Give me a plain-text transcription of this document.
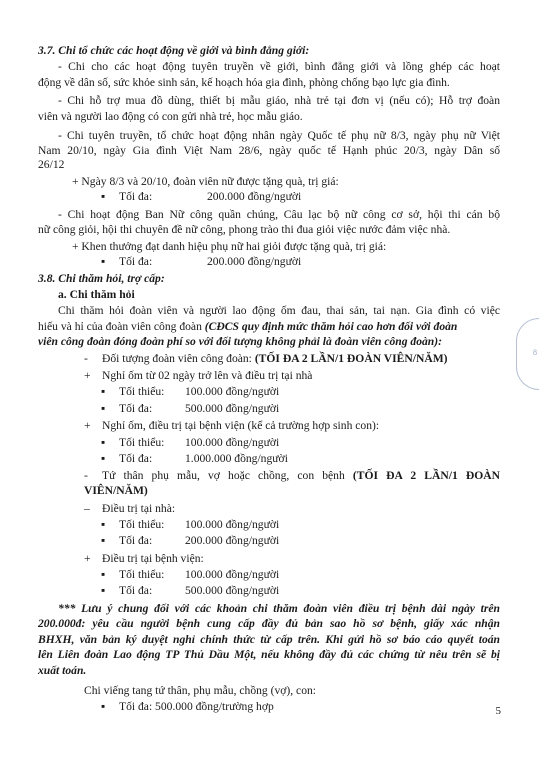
3.7. Chi tổ chức các hoạt động về giới và bình đẳng giới:
- Chi cho các hoạt động tuyên truyền về giới, bình đẳng giới và lồng ghép các hoạt
động về dân số, sức khỏe sinh sản, kế hoạch hóa gia đình, phòng chống bạo lực gia đình.
- Chi hỗ trợ mua đồ dùng, thiết bị mẫu giáo, nhà trẻ tại đơn vị (nếu có); Hỗ trợ đoàn
viên và người lao động có con gửi nhà trẻ, học mẫu giáo.
- Chi tuyên truyền, tổ chức hoạt động nhân ngày Quốc tế phụ nữ 8/3, ngày phụ nữ Việt
Nam 20/10, ngày Gia đình Việt Nam 28/6, ngày quốc tế Hạnh phúc 20/3, ngày Dân số
26/12
+ Ngày 8/3 và 20/10, đoàn viên nữ được tặng quà, trị giá:
▪ Tối đa:	200.000 đồng/người
- Chi hoạt động Ban Nữ công quần chúng, Câu lạc bộ nữ công cơ sở, hội thi cán bộ
nữ công giỏi, hội thi chuyên đề nữ công, phong trào thi đua giỏi việc nước đảm việc nhà.
+ Khen thưởng đạt danh hiệu phụ nữ hai giỏi được tặng quà, trị giá:
▪ Tối đa:	200.000 đồng/người
3.8. Chi thăm hỏi, trợ cấp:
a. Chi thăm hỏi
Chi thăm hỏi đoàn viên và người lao động ốm đau, thai sản, tai nạn. Gia đình có việc
hiếu và hỉ của đoàn viên công đoàn (CĐCS quy định mức thăm hỏi cao hơn đối với đoàn
viên công đoàn đóng đoàn phí so với đối tượng không phải là đoàn viên công đoàn):
- Đối tượng đoàn viên công đoàn: (TỐI ĐA 2 LẦN/1 ĐOÀN VIÊN/NĂM)
+ Nghỉ ốm từ 02 ngày trở lên và điều trị tại nhà
▪ Tối thiểu: 100.000 đồng/người
▪ Tối đa:	500.000 đồng/người
+ Nghỉ ốm, điều trị tại bệnh viện (kể cả trường hợp sinh con):
▪ Tối thiểu: 100.000 đồng/người
▪ Tối đa:	1.000.000 đồng/người
- Tứ thân phụ mẫu, vợ hoặc chồng, con bệnh (TỐI ĐA 2 LẦN/1 ĐOÀN
VIÊN/NĂM)
– Điều trị tại nhà:
▪ Tối thiểu: 100.000 đồng/người
▪ Tối đa:	200.000 đồng/người
+ Điều trị tại bệnh viện:
▪ Tối thiểu: 100.000 đồng/người
▪ Tối đa:	500.000 đồng/người
*** Lưu ý chung đối với các khoản chi thăm đoàn viên điều trị bệnh dài ngày trên
200.000đ: yêu cầu người bệnh cung cấp đầy đủ bản sao hồ sơ bệnh, giấy xác nhận
BHXH, văn bản ký duyệt nghỉ chính thức từ cấp trên. Khi gửi hồ sơ báo cáo quyết toán
lên Liên đoàn Lao động TP Thủ Dầu Một, nếu không đầy đủ các chứng từ nêu trên sẽ bị
xuất toán.
Chi viếng tang tứ thân, phụ mẫu, chồng (vợ), con:
▪ Tối đa: 500.000 đồng/trường hợp	5
8
